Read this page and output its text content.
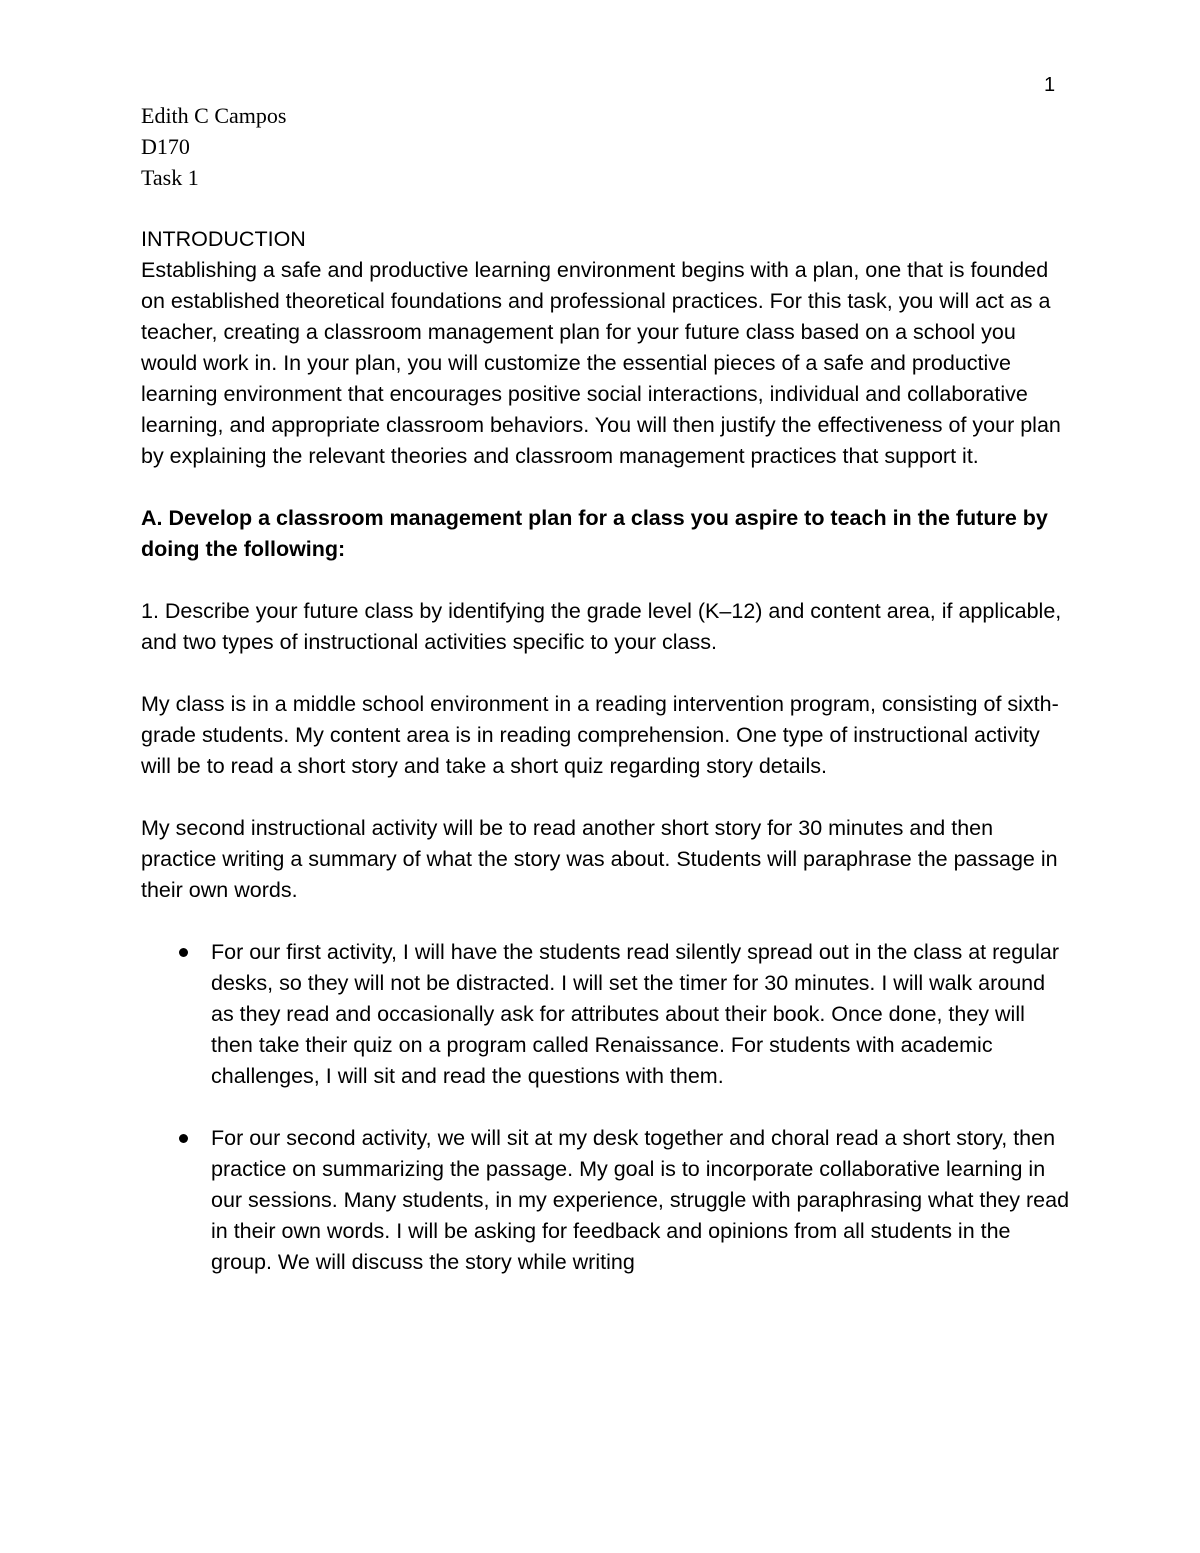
1
Edith C Campos
D170
Task 1

INTRODUCTION

Establishing a safe and productive learning environment begins with a plan, one that is founded on established theoretical foundations and professional practices. For this task, you will act as a teacher, creating a classroom management plan for your future class based on a school you would work in. In your plan, you will customize the essential pieces of a safe and productive learning environment that encourages positive social interactions, individual and collaborative learning, and appropriate classroom behaviors. You will then justify the effectiveness of your plan by explaining the relevant theories and classroom management practices that support it.

A. Develop a classroom management plan for a class you aspire to teach in the future by doing the following:

1. Describe your future class by identifying the grade level (K–12) and content area, if applicable, and two types of instructional activities specific to your class.

My class is in a middle school environment in a reading intervention program, consisting of sixth-grade students. My content area is in reading comprehension. One type of instructional activity will be to read a short story and take a short quiz regarding story details.

My second instructional activity will be to read another short story for 30 minutes and then practice writing a summary of what the story was about. Students will paraphrase the passage in their own words.

For our first activity, I will have the students read silently spread out in the class at regular desks, so they will not be distracted. I will set the timer for 30 minutes. I will walk around as they read and occasionally ask for attributes about their book. Once done, they will then take their quiz on a program called Renaissance. For students with academic challenges, I will sit and read the questions with them.
For our second activity, we will sit at my desk together and choral read a short story, then practice on summarizing the passage. My goal is to incorporate collaborative learning in our sessions. Many students, in my experience, struggle with paraphrasing what they read in their own words. I will be asking for feedback and opinions from all students in the group. We will discuss the story while writing
